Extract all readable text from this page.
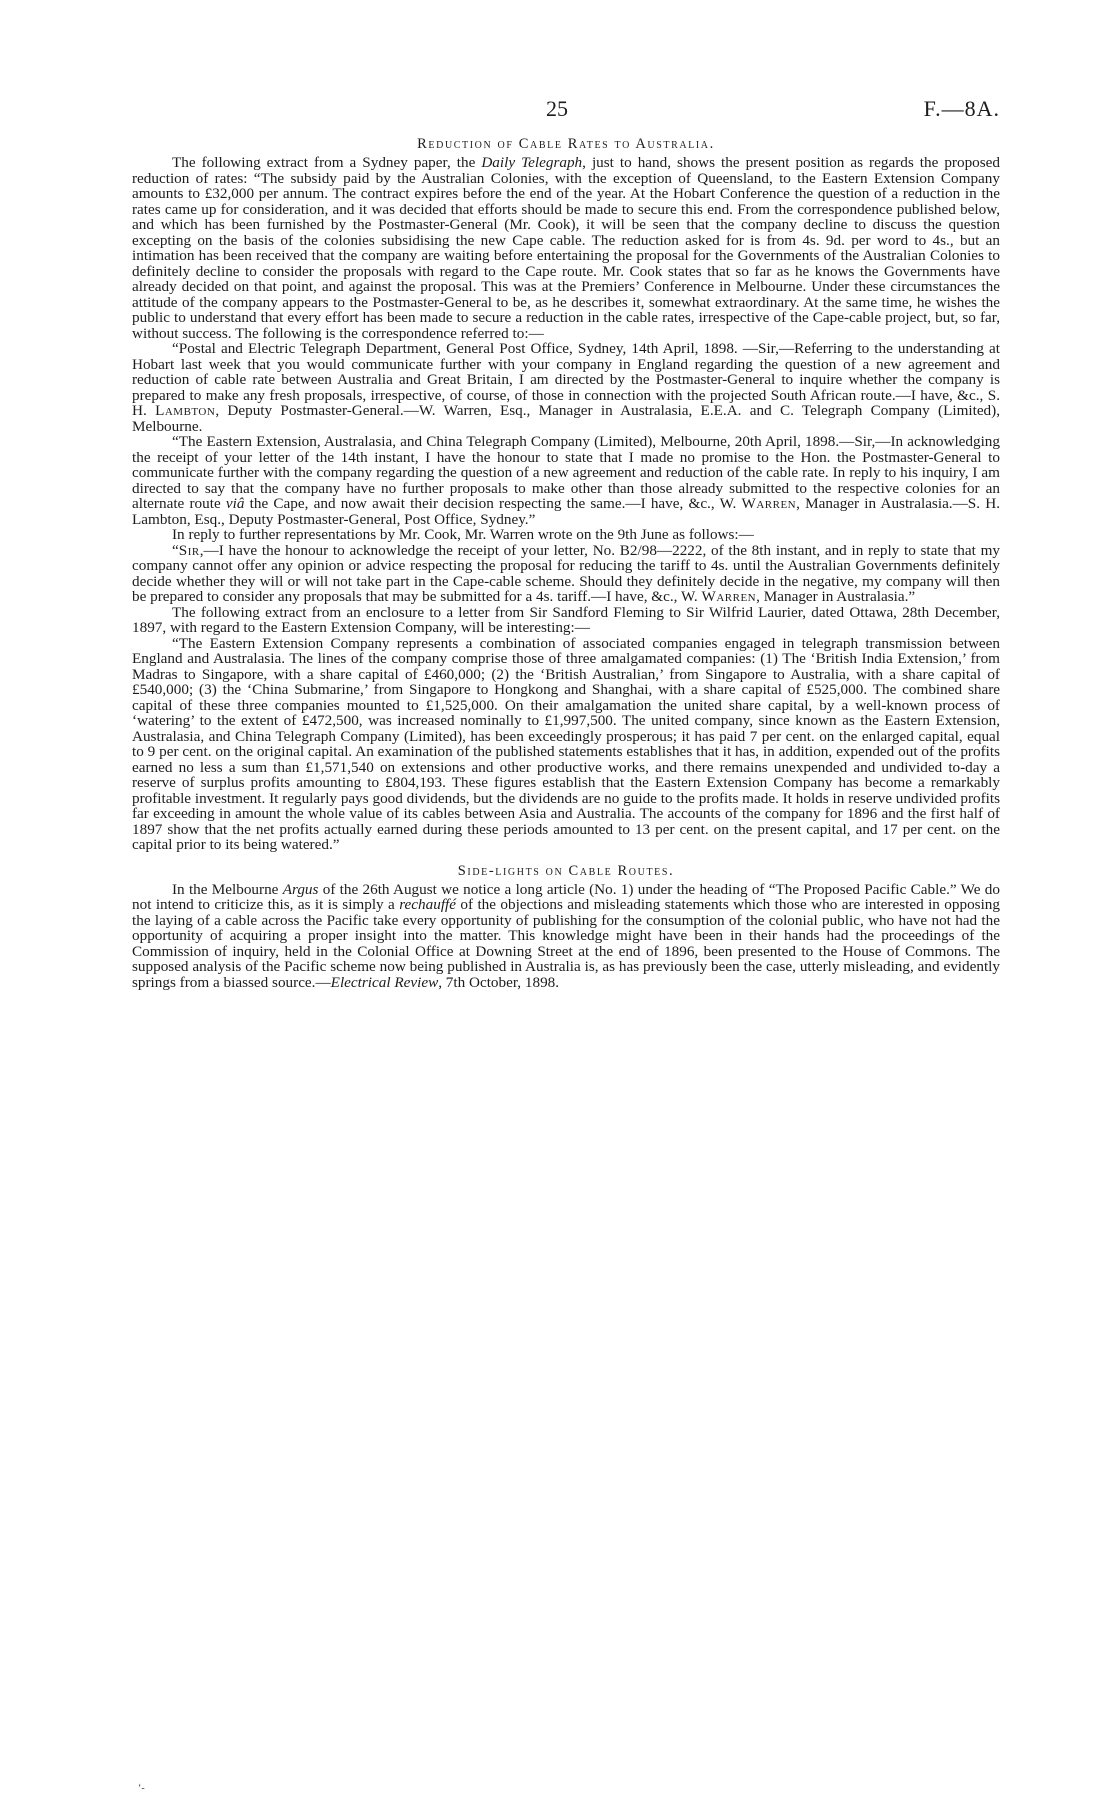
25	F.—8A.
Reduction of Cable Rates to Australia.

The following extract from a Sydney paper, the Daily Telegraph, just to hand, shows the present position as regards the proposed reduction of rates: “The subsidy paid by the Australian Colonies, with the exception of Queensland, to the Eastern Extension Company amounts to £32,000 per annum. The contract expires before the end of the year. At the Hobart Conference the question of a reduction in the rates came up for consideration, and it was decided that efforts should be made to secure this end. From the correspondence published below, and which has been furnished by the Postmaster-General (Mr. Cook), it will be seen that the company decline to discuss the question excepting on the basis of the colonies subsidising the new Cape cable. The reduction asked for is from 4s. 9d. per word to 4s., but an intimation has been received that the company are waiting before entertaining the proposal for the Governments of the Australian Colonies to definitely decline to consider the proposals with regard to the Cape route. Mr. Cook states that so far as he knows the Governments have already decided on that point, and against the proposal. This was at the Premiers’ Conference in Melbourne. Under these circumstances the attitude of the company appears to the Postmaster-General to be, as he describes it, somewhat extraordinary. At the same time, he wishes the public to understand that every effort has been made to secure a reduction in the cable rates, irrespective of the Cape-cable project, but, so far, without success. The following is the correspondence referred to:—

“Postal and Electric Telegraph Department, General Post Office, Sydney, 14th April, 1898. —Sir,—Referring to the understanding at Hobart last week that you would communicate further with your company in England regarding the question of a new agreement and reduction of cable rate between Australia and Great Britain, I am directed by the Postmaster-General to inquire whether the company is prepared to make any fresh proposals, irrespective, of course, of those in connection with the projected South African route.—I have, &c., S. H. Lambton, Deputy Postmaster-General.—W. Warren, Esq., Manager in Australasia, E.E.A. and C. Telegraph Company (Limited), Melbourne.

“The Eastern Extension, Australasia, and China Telegraph Company (Limited), Melbourne, 20th April, 1898.—Sir,—In acknowledging the receipt of your letter of the 14th instant, I have the honour to state that I made no promise to the Hon. the Postmaster-General to communicate further with the company regarding the question of a new agreement and reduction of the cable rate. In reply to his inquiry, I am directed to say that the company have no further proposals to make other than those already submitted to the respective colonies for an alternate route viâ the Cape, and now await their decision respecting the same.—I have, &c., W. Warren, Manager in Australasia.—S. H. Lambton, Esq., Deputy Postmaster-General, Post Office, Sydney.”

In reply to further representations by Mr. Cook, Mr. Warren wrote on the 9th June as follows:—

“Sir,—I have the honour to acknowledge the receipt of your letter, No. B2/98—2222, of the 8th instant, and in reply to state that my company cannot offer any opinion or advice respecting the proposal for reducing the tariff to 4s. until the Australian Governments definitely decide whether they will or will not take part in the Cape-cable scheme. Should they definitely decide in the negative, my company will then be prepared to consider any proposals that may be submitted for a 4s. tariff.—I have, &c., W. Warren, Manager in Australasia.”

The following extract from an enclosure to a letter from Sir Sandford Fleming to Sir Wilfrid Laurier, dated Ottawa, 28th December, 1897, with regard to the Eastern Extension Company, will be interesting:—

“The Eastern Extension Company represents a combination of associated companies engaged in telegraph transmission between England and Australasia. The lines of the company comprise those of three amalgamated companies: (1) The ‘British India Extension,’ from Madras to Singapore, with a share capital of £460,000; (2) the ‘British Australian,’ from Singapore to Australia, with a share capital of £540,000; (3) the ‘China Submarine,’ from Singapore to Hongkong and Shanghai, with a share capital of £525,000. The combined share capital of these three companies mounted to £1,525,000. On their amalgamation the united share capital, by a well-known process of ‘watering’ to the extent of £472,500, was increased nominally to £1,997,500. The united company, since known as the Eastern Extension, Australasia, and China Telegraph Company (Limited), has been exceedingly prosperous; it has paid 7 per cent. on the enlarged capital, equal to 9 per cent. on the original capital. An examination of the published statements establishes that it has, in addition, expended out of the profits earned no less a sum than £1,571,540 on extensions and other productive works, and there remains unexpended and undivided to-day a reserve of surplus profits amounting to £804,193. These figures establish that the Eastern Extension Company has become a remarkably profitable investment. It regularly pays good dividends, but the dividends are no guide to the profits made. It holds in reserve undivided profits far exceeding in amount the whole value of its cables between Asia and Australia. The accounts of the company for 1896 and the first half of 1897 show that the net profits actually earned during these periods amounted to 13 per cent. on the present capital, and 17 per cent. on the capital prior to its being watered.”

Side-lights on Cable Routes.

In the Melbourne Argus of the 26th August we notice a long article (No. 1) under the heading of “The Proposed Pacific Cable.” We do not intend to criticize this, as it is simply a rechauffé of the objections and misleading statements which those who are interested in opposing the laying of a cable across the Pacific take every opportunity of publishing for the consumption of the colonial public, who have not had the opportunity of acquiring a proper insight into the matter. This knowledge might have been in their hands had the proceedings of the Commission of inquiry, held in the Colonial Office at Downing Street at the end of 1896, been presented to the House of Commons. The supposed analysis of the Pacific scheme now being published in Australia is, as has previously been the case, utterly misleading, and evidently springs from a biassed source.—Electrical Review, 7th October, 1898.

‘-
